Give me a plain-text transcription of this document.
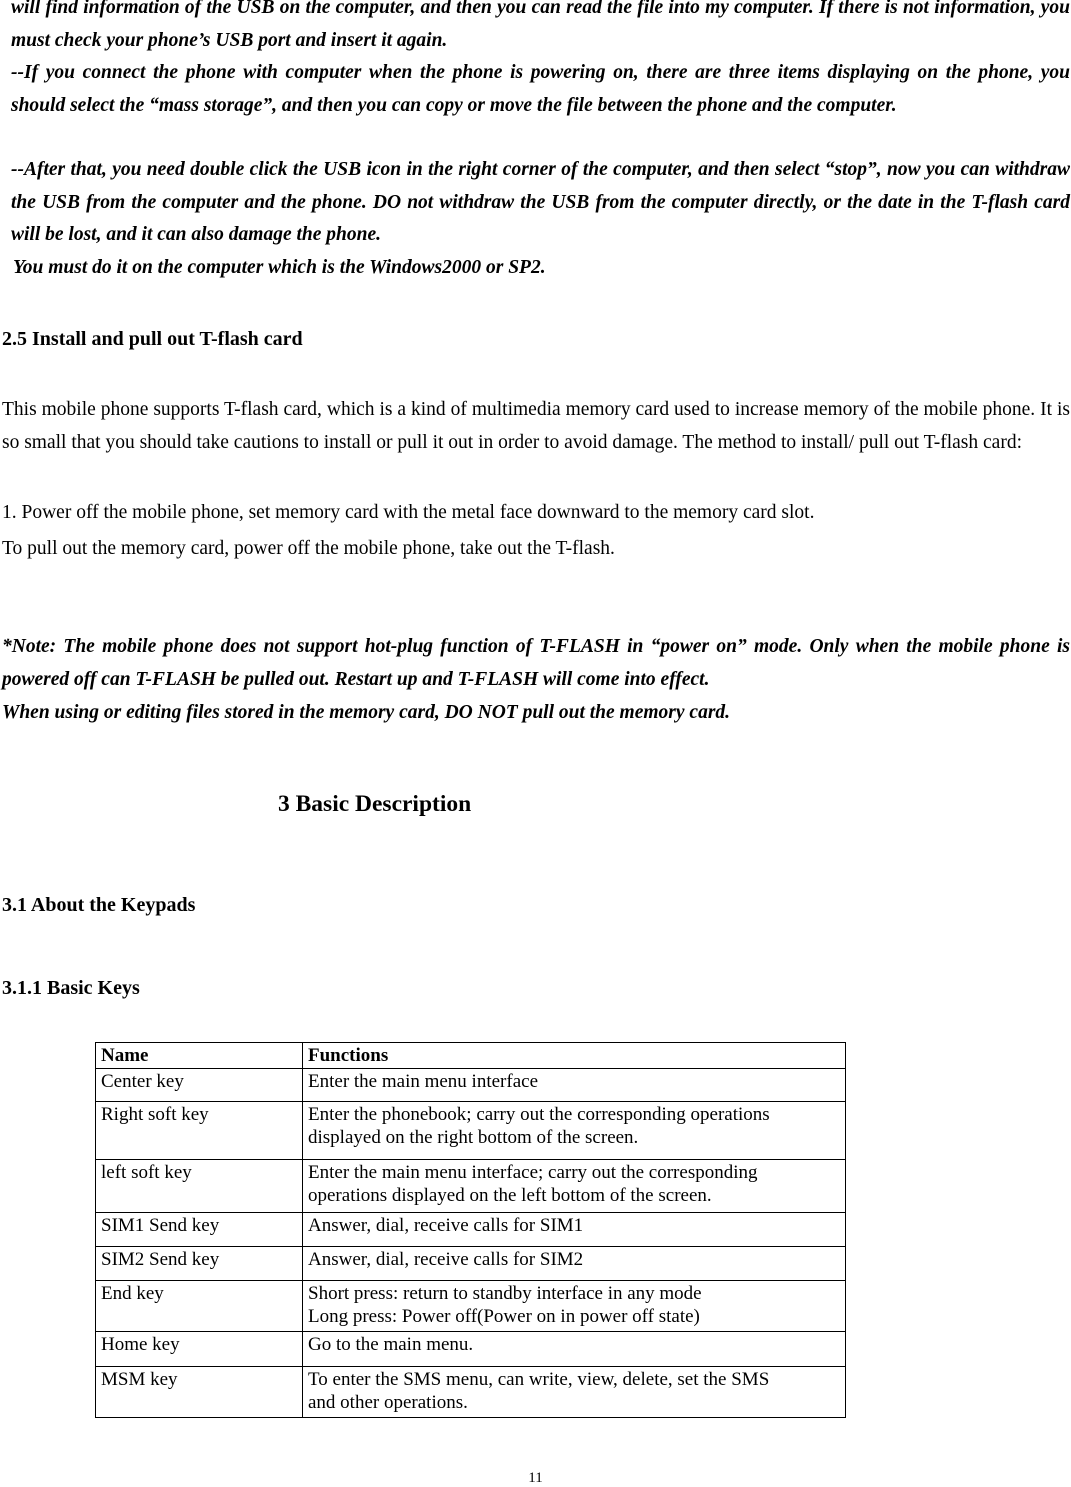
will find information of the USB on the computer, and then you can read the file into my computer. If there is not information, you must check your phone’s USB port and insert it again.
--If you connect the phone with computer when the phone is powering on, there are three items displaying on the phone, you should select the “mass storage”, and then you can copy or move the file between the phone and the computer.
--After that, you need double click the USB icon in the right corner of the computer, and then select “stop”, now you can withdraw the USB from the computer and the phone. DO not withdraw the USB from the computer directly, or the date in the T-flash card will be lost, and it can also damage the phone.
You must do it on the computer which is the Windows2000 or SP2.
2.5 Install and pull out T-flash card
This mobile phone supports T-flash card, which is a kind of multimedia memory card used to increase memory of the mobile phone. It is so small that you should take cautions to install or pull it out in order to avoid damage. The method to install/ pull out T-flash card:
1. Power off the mobile phone, set memory card with the metal face downward to the memory card slot.
To pull out the memory card, power off the mobile phone, take out the T-flash.
*Note: The mobile phone does not support hot-plug function of T-FLASH in “power on” mode. Only when the mobile phone is powered off can T-FLASH be pulled out. Restart up and T-FLASH will come into effect.
When using or editing files stored in the memory card, DO NOT pull out the memory card.
3 Basic Description
3.1 About the Keypads
3.1.1 Basic Keys
Name	Functions
Center key	Enter the main menu interface

Right soft key	Enter the phonebook; carry out the corresponding operations
displayed on the right bottom of the screen.

left soft key	Enter the main menu interface; carry out the corresponding
operations displayed on the left bottom of the screen.

SIM1 Send key	Answer, dial, receive calls for SIM1

SIM2 Send key	Answer, dial, receive calls for SIM2

End key	Short press: return to standby interface in any mode
Long press: Power off(Power on in power off state)

Home key	Go to the main menu.

MSM key	To enter the SMS menu, can write, view, delete, set the SMS
and other operations.
11
